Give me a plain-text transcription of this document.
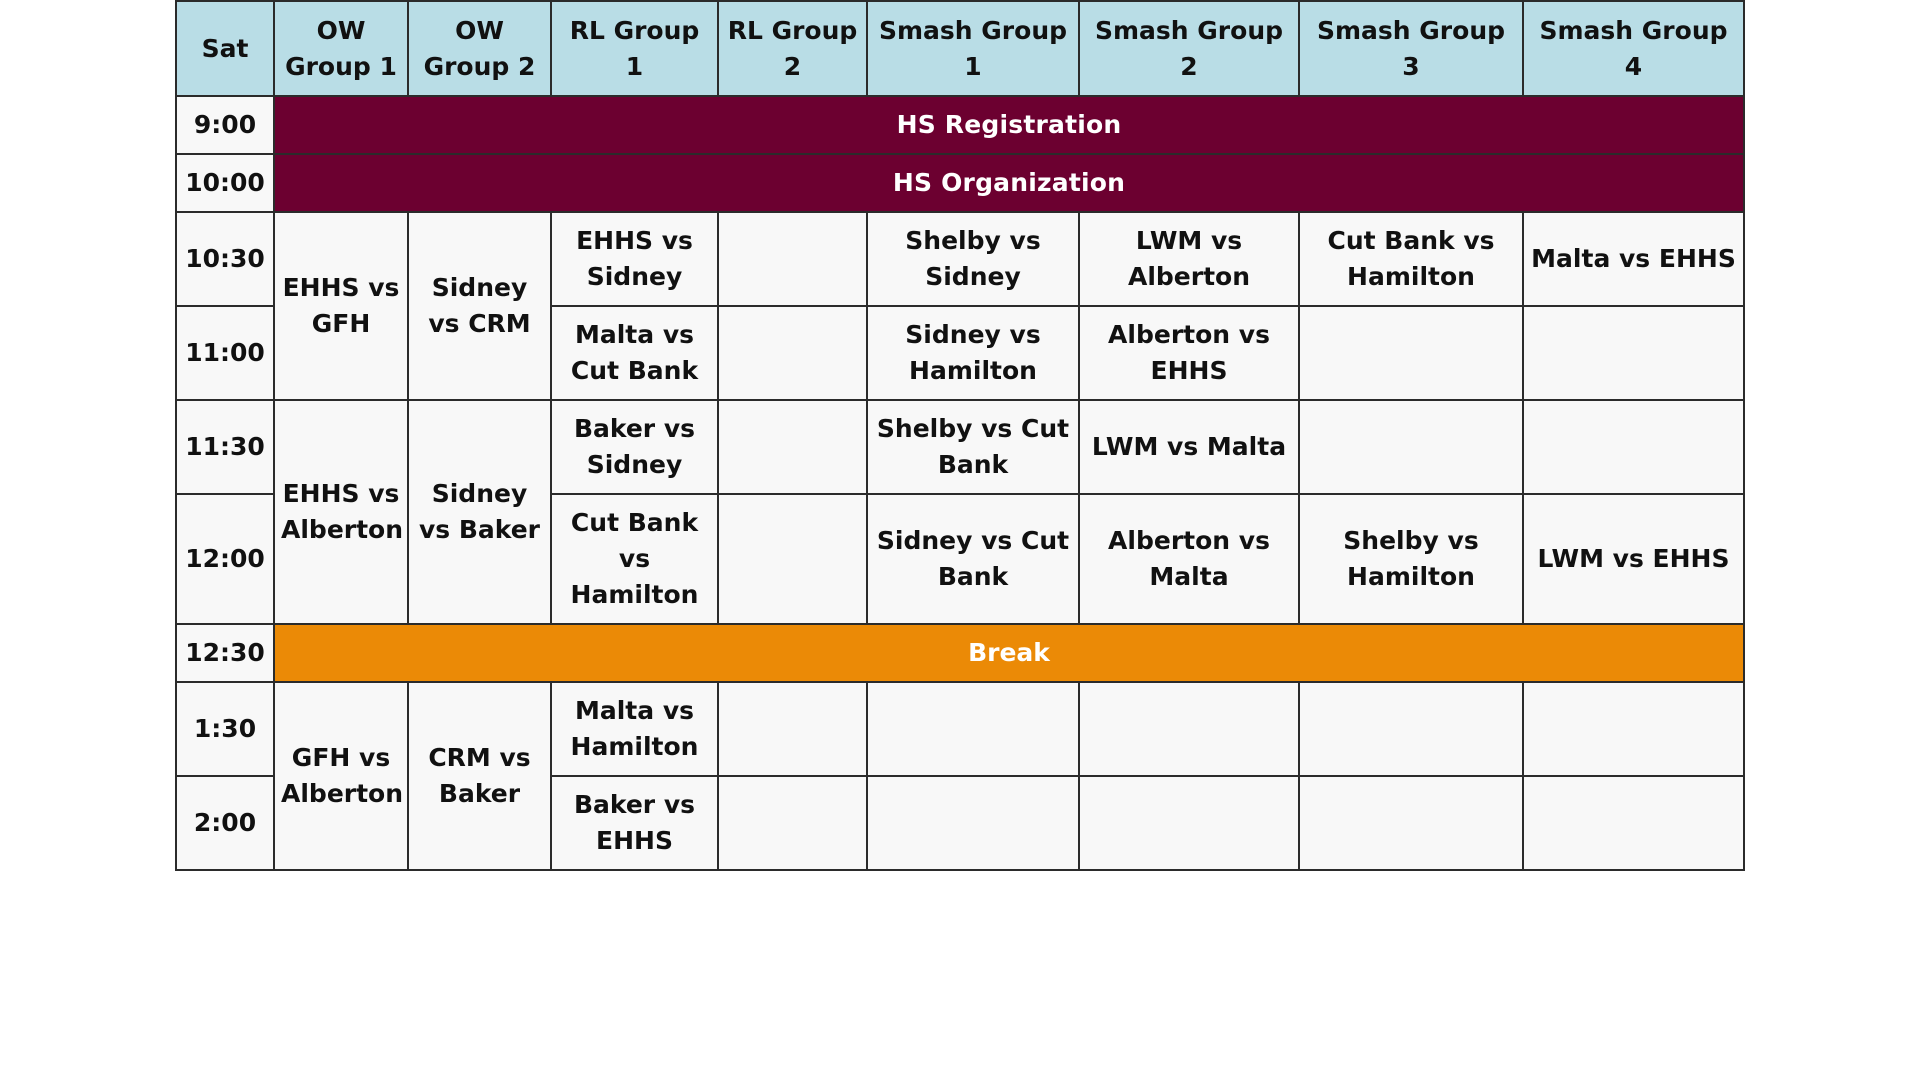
Sat	OW Group 1	OW Group 2	RL Group 1	RL Group 2	Smash Group 1	Smash Group 2	Smash Group 3	Smash Group 4
9:00	HS Registration							
10:00	HS Organization							
10:30	EHHS vs GFH	Sidney vs CRM	EHHS vs Sidney		Shelby vs Sidney	LWM vs Alberton	Cut Bank vs Hamilton	Malta vs EHHS
11:00			Malta vs Cut Bank		Sidney vs Hamilton	Alberton vs EHHS		
11:30	EHHS vs Alberton	Sidney vs Baker	Baker vs Sidney		Shelby vs Cut Bank	LWM vs Malta		
12:00			Cut Bank vs Hamilton		Sidney vs Cut Bank	Alberton vs Malta	Shelby vs Hamilton	LWM vs EHHS
12:30	Break							
1:30	GFH vs Alberton	CRM vs Baker	Malta vs Hamilton					
2:00			Baker vs EHHS					
